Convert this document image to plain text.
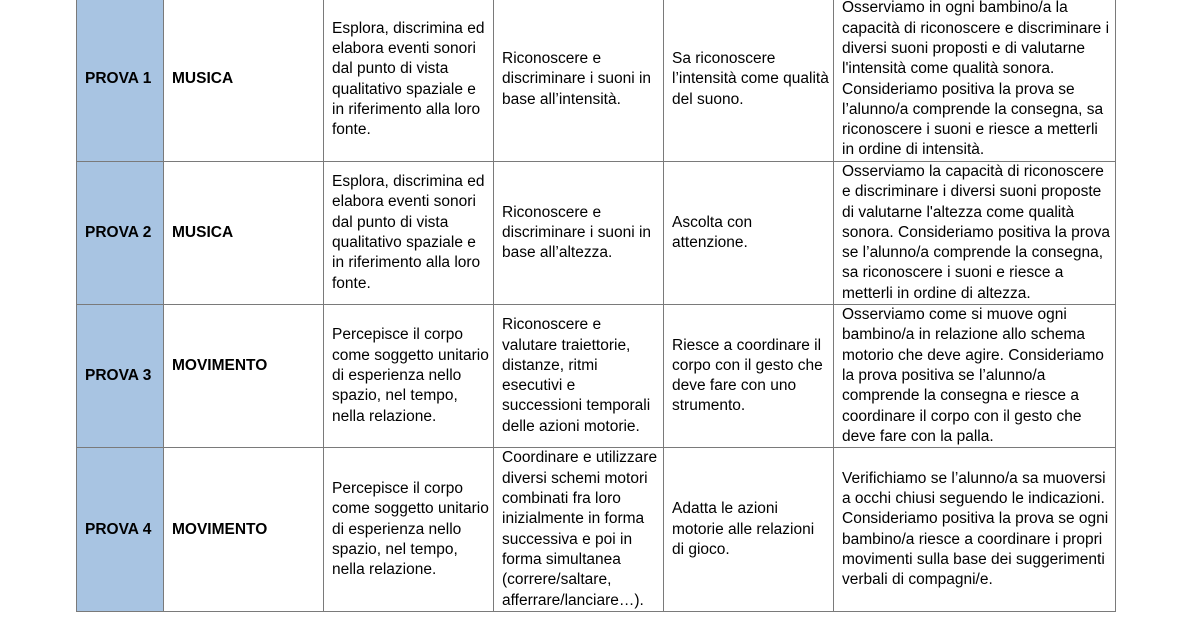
PROVA 1	MUSICA	Esplora, discrimina ed elabora eventi sonori dal punto di vista qualitativo spaziale e in riferimento alla loro fonte.	Riconoscere e discriminare i suoni in base all’intensità.	Sa riconoscere l’intensità come qualità del suono.	Osserviamo in ogni bambino/a la capacità di riconoscere e discriminare i diversi suoni proposti e di valutarne l'intensità come qualità sonora. Consideriamo positiva la prova se l’alunno/a comprende la consegna, sa riconoscere i suoni e riesce a metterli in ordine di intensità.

PROVA 2	MUSICA	Esplora, discrimina ed elabora eventi sonori dal punto di vista qualitativo spaziale e in riferimento alla loro fonte.	Riconoscere e discriminare i suoni in base all’altezza.	Ascolta con attenzione.	Osserviamo la capacità di riconoscere e discriminare i diversi suoni proposte di valutarne l'altezza come qualità sonora. Consideriamo positiva la prova se l’alunno/a comprende la consegna, sa riconoscere i suoni e riesce a metterli in ordine di altezza.

PROVA 3	MOVIMENTO	Percepisce il corpo come soggetto unitario di esperienza nello spazio, nel tempo, nella relazione.	Riconoscere e valutare traiettorie, distanze, ritmi esecutivi e successioni temporali delle azioni motorie.	Riesce a coordinare il corpo con il gesto che deve fare con uno strumento.	Osserviamo come si muove ogni bambino/a in relazione allo schema motorio che deve agire. Consideriamo la prova positiva se l’alunno/a comprende la consegna e riesce a coordinare il corpo con il gesto che deve fare con la palla.

PROVA 4	MOVIMENTO	Percepisce il corpo come soggetto unitario di esperienza nello spazio, nel tempo, nella relazione.	Coordinare e utilizzare diversi schemi motori combinati fra loro inizialmente in forma successiva e poi in forma simultanea (correre/saltare, afferrare/lanciare…).	Adatta le azioni motorie alle relazioni di gioco.	Verifichiamo se l’alunno/a sa muoversi a occhi chiusi seguendo le indicazioni. Consideriamo positiva la prova se ogni bambino/a riesce a coordinare i propri movimenti sulla base dei suggerimenti verbali di compagni/e.
